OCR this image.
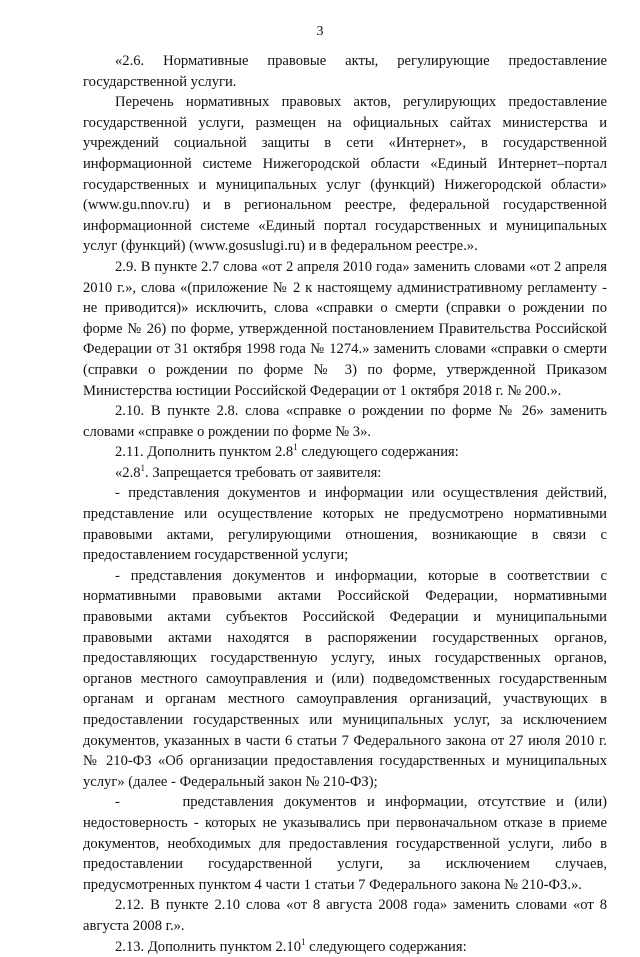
3

«2.6.  Нормативные  правовые  акты,  регулирующие  предоставление государственной услуги.

Перечень нормативных правовых актов, регулирующих предоставление государственной услуги, размещен на официальных сайтах министерства и учреждений социальной защиты в сети «Интернет», в государственной информационной системе Нижегородской области «Единый Интернет–портал государственных и муниципальных услуг (функций) Нижегородской области» (www.gu.nnov.ru) и в региональном реестре, федеральной государственной информационной системе «Единый портал государственных и муниципальных услуг (функций) (www.gosuslugi.ru) и в федеральном реестре.».

2.9. В пункте 2.7 слова «от 2 апреля 2010 года» заменить словами «от 2 апреля 2010 г.», слова «(приложение № 2 к настоящему административному регламенту - не приводится)» исключить, слова «справки о смерти (справки о рождении по форме № 26) по форме, утвержденной постановлением Правительства Российской Федерации от 31 октября 1998 года № 1274.» заменить словами «справки о смерти (справки о рождении по форме № 3) по форме, утвержденной Приказом Министерства юстиции Российской Федерации от 1 октября 2018 г. № 200.».

2.10. В пункте 2.8. слова «справке о рождении по форме № 26» заменить словами «справке о рождении по форме № 3».

2.11. Дополнить пунктом $2.8^1$ следующего содержания:

«$2.8^1$. Запрещается требовать от заявителя:

- представления документов и информации или осуществления действий, представление или осуществление которых не предусмотрено нормативными правовыми актами, регулирующими отношения, возникающие в связи с предоставлением государственной услуги;

- представления документов и информации, которые в соответствии с нормативными правовыми актами Российской Федерации, нормативными правовыми актами субъектов Российской Федерации и муниципальными правовыми актами находятся в распоряжении государственных органов, предоставляющих государственную услугу, иных государственных органов, органов местного самоуправления и (или) подведомственных государственным органам и органам местного самоуправления организаций, участвующих в предоставлении государственных или муниципальных услуг, за исключением документов, указанных в части 6 статьи 7 Федерального закона от 27 июля 2010 г. № 210-ФЗ «Об организации предоставления государственных и муниципальных услуг» (далее - Федеральный закон № 210-ФЗ);

-      представления документов и информации, отсутствие и (или) недостоверность - которых не указывались при первоначальном отказе в приеме документов, необходимых для предоставления государственной услуги, либо в предоставлении государственной услуги, за исключением случаев, предусмотренных пунктом 4 части 1 статьи 7 Федерального закона № 210-ФЗ.».

2.12. В пункте 2.10 слова «от 8 августа 2008 года» заменить словами «от 8 августа 2008 г.».

2.13. Дополнить пунктом 2.10$^1$ следующего содержания:
